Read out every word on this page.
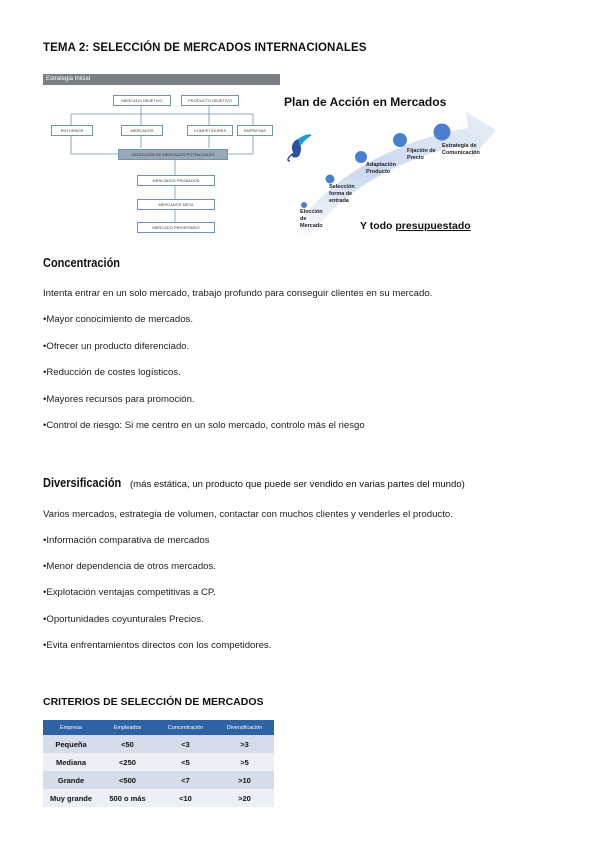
TEMA 2: SELECCIÓN DE MERCADOS INTERNACIONALES
Estrategia Inicial
MERCADO OBJETIVO	PRODUCTO OBJETIVO
ENTORNOS	MERCADOS	COMPETIDORES	EMPRESAS
SELECCIÓN DE MERCADOS POTENCIALES
MERCADOS PROBADOS
MERCADOS META
MERCADO PRIORITARIO
Plan de Acción en Mercados
Elección
de
Mercado
Selección
forma de
entrada
Adaptación
Producto
Fijación de
Precio
Estrategia de
Comunicación
Y todo presupuestado
Concentración
Intenta entrar en un solo mercado, trabajo profundo para conseguir clientes en su mercado.
•Mayor conocimiento de mercados.
•Ofrecer un producto diferenciado.
•Reducción de costes logísticos.
•Mayores recursos para promoción.
•Control de riesgo: Si me centro en un solo mercado, controlo más el riesgo
Diversificación (más estática, un producto que puede ser vendido en varias partes del mundo)
Varios mercados, estrategia de volumen, contactar con muchos clientes y venderles el producto.
•Información comparativa de mercados
•Menor dependencia de otros mercados.
•Explotación ventajas competitivas a CP.
•Oportunidades coyunturales Precios.
•Evita enfrentamientos directos con los competidores.
CRITERIOS DE SELECCIÓN DE MERCADOS
Empresa	Empleados	Concentración	Diversificación
Pequeña	<50	<3	>3
Mediana	<250	<5	>5
Grande	<500	<7	>10
Muy grande	500 o más	<10	>20
